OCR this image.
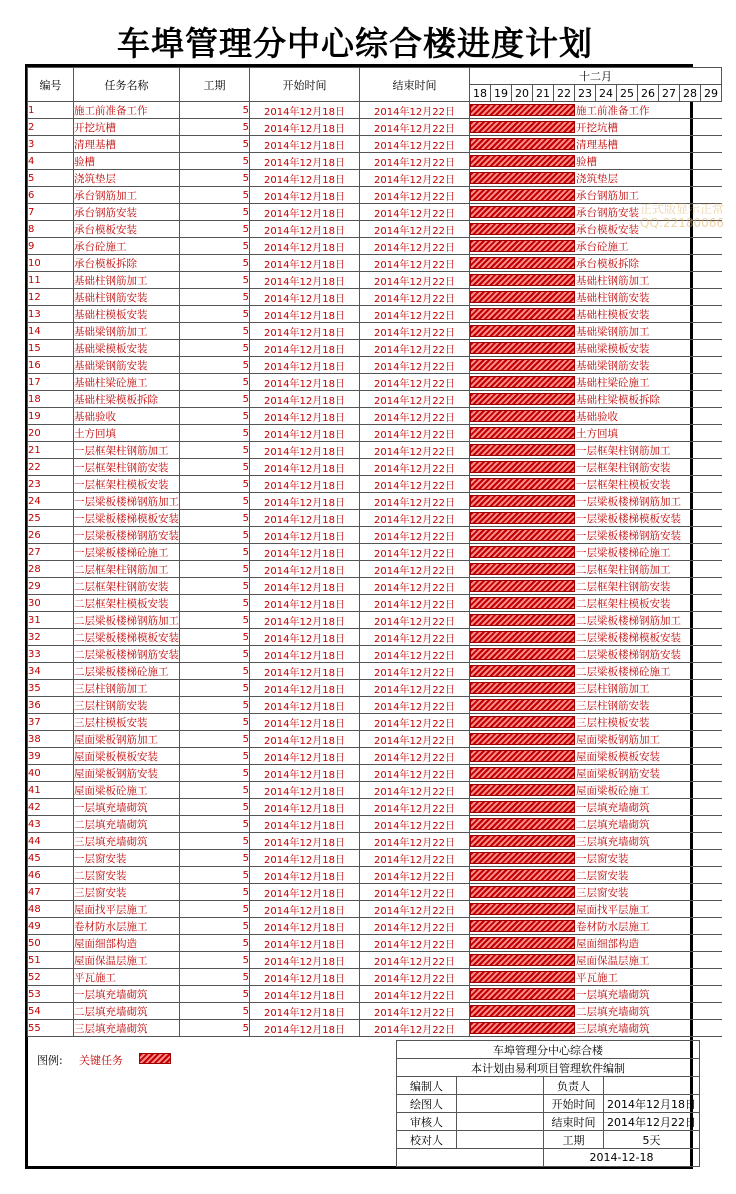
车埠管理分中心综合楼进度计划
编号	任务名称	工期	开始时间	结束时间	十二月											
					18	19	20	21	22	23	24	25	26	27	28	29
1	施工前准备工作	5	2014年12月18日	2014年12月22日	施工前准备工作											

2	开挖坑槽	5	2014年12月18日	2014年12月22日	开挖坑槽											

3	清理基槽	5	2014年12月18日	2014年12月22日	清理基槽											

4	验槽	5	2014年12月18日	2014年12月22日	验槽											

5	浇筑垫层	5	2014年12月18日	2014年12月22日	浇筑垫层											

6	承台钢筋加工	5	2014年12月18日	2014年12月22日	承台钢筋加工											

7	承台钢筋安装	5	2014年12月18日	2014年12月22日	承台钢筋安装											

8	承台模板安装	5	2014年12月18日	2014年12月22日	承台模板安装											

9	承台砼施工	5	2014年12月18日	2014年12月22日	承台砼施工											

10	承台模板拆除	5	2014年12月18日	2014年12月22日	承台模板拆除											

11	基础柱钢筋加工	5	2014年12月18日	2014年12月22日	基础柱钢筋加工											

12	基础柱钢筋安装	5	2014年12月18日	2014年12月22日	基础柱钢筋安装											

13	基础柱模板安装	5	2014年12月18日	2014年12月22日	基础柱模板安装											

14	基础梁钢筋加工	5	2014年12月18日	2014年12月22日	基础梁钢筋加工											

15	基础梁模板安装	5	2014年12月18日	2014年12月22日	基础梁模板安装											

16	基础梁钢筋安装	5	2014年12月18日	2014年12月22日	基础梁钢筋安装											

17	基础柱梁砼施工	5	2014年12月18日	2014年12月22日	基础柱梁砼施工											

18	基础柱梁模板拆除	5	2014年12月18日	2014年12月22日	基础柱梁模板拆除											

19	基础验收	5	2014年12月18日	2014年12月22日	基础验收											

20	土方回填	5	2014年12月18日	2014年12月22日	土方回填											

21	一层框架柱钢筋加工	5	2014年12月18日	2014年12月22日	一层框架柱钢筋加工											

22	一层框架柱钢筋安装	5	2014年12月18日	2014年12月22日	一层框架柱钢筋安装											

23	一层框架柱模板安装	5	2014年12月18日	2014年12月22日	一层框架柱模板安装											

24	一层梁板楼梯钢筋加工	5	2014年12月18日	2014年12月22日	一层梁板楼梯钢筋加工											

25	一层梁板楼梯模板安装	5	2014年12月18日	2014年12月22日	一层梁板楼梯模板安装											

26	一层梁板楼梯钢筋安装	5	2014年12月18日	2014年12月22日	一层梁板楼梯钢筋安装											

27	一层梁板楼梯砼施工	5	2014年12月18日	2014年12月22日	一层梁板楼梯砼施工											

28	二层框架柱钢筋加工	5	2014年12月18日	2014年12月22日	二层框架柱钢筋加工											

29	二层框架柱钢筋安装	5	2014年12月18日	2014年12月22日	二层框架柱钢筋安装											

30	二层框架柱模板安装	5	2014年12月18日	2014年12月22日	二层框架柱模板安装											

31	二层梁板楼梯钢筋加工	5	2014年12月18日	2014年12月22日	二层梁板楼梯钢筋加工											

32	二层梁板楼梯模板安装	5	2014年12月18日	2014年12月22日	二层梁板楼梯模板安装											

33	二层梁板楼梯钢筋安装	5	2014年12月18日	2014年12月22日	二层梁板楼梯钢筋安装											

34	二层梁板楼梯砼施工	5	2014年12月18日	2014年12月22日	二层梁板楼梯砼施工											

35	三层柱钢筋加工	5	2014年12月18日	2014年12月22日	三层柱钢筋加工											

36	三层柱钢筋安装	5	2014年12月18日	2014年12月22日	三层柱钢筋安装											

37	三层柱模板安装	5	2014年12月18日	2014年12月22日	三层柱模板安装											

38	屋面梁板钢筋加工	5	2014年12月18日	2014年12月22日	屋面梁板钢筋加工											

39	屋面梁板模板安装	5	2014年12月18日	2014年12月22日	屋面梁板模板安装											

40	屋面梁板钢筋安装	5	2014年12月18日	2014年12月22日	屋面梁板钢筋安装											

41	屋面梁板砼施工	5	2014年12月18日	2014年12月22日	屋面梁板砼施工											

42	一层填充墙砌筑	5	2014年12月18日	2014年12月22日	一层填充墙砌筑											

43	二层填充墙砌筑	5	2014年12月18日	2014年12月22日	二层填充墙砌筑											

44	三层填充墙砌筑	5	2014年12月18日	2014年12月22日	三层填充墙砌筑											

45	一层窗安装	5	2014年12月18日	2014年12月22日	一层窗安装											

46	二层窗安装	5	2014年12月18日	2014年12月22日	二层窗安装											

47	三层窗安装	5	2014年12月18日	2014年12月22日	三层窗安装											

48	屋面找平层施工	5	2014年12月18日	2014年12月22日	屋面找平层施工											

49	卷材防水层施工	5	2014年12月18日	2014年12月22日	卷材防水层施工											

50	屋面细部构造	5	2014年12月18日	2014年12月22日	屋面细部构造											

51	屋面保温层施工	5	2014年12月18日	2014年12月22日	屋面保温层施工											

52	平瓦施工	5	2014年12月18日	2014年12月22日	平瓦施工											

53	一层填充墙砌筑	5	2014年12月18日	2014年12月22日	一层填充墙砌筑											

54	二层填充墙砌筑	5	2014年12月18日	2014年12月22日	二层填充墙砌筑											

55	三层填充墙砌筑	5	2014年12月18日	2014年12月22日	三层填充墙砌筑											
图例: 关键任务
车埠管理分中心综合楼			
本计划由易利项目管理软件编制			
编制人		负责人	
绘图人		开始时间	2014年12月18日
审核人		结束时间	2014年12月22日
校对人		工期	5天
		2014-12-18	
正式版显示正常
QQ:22180066
